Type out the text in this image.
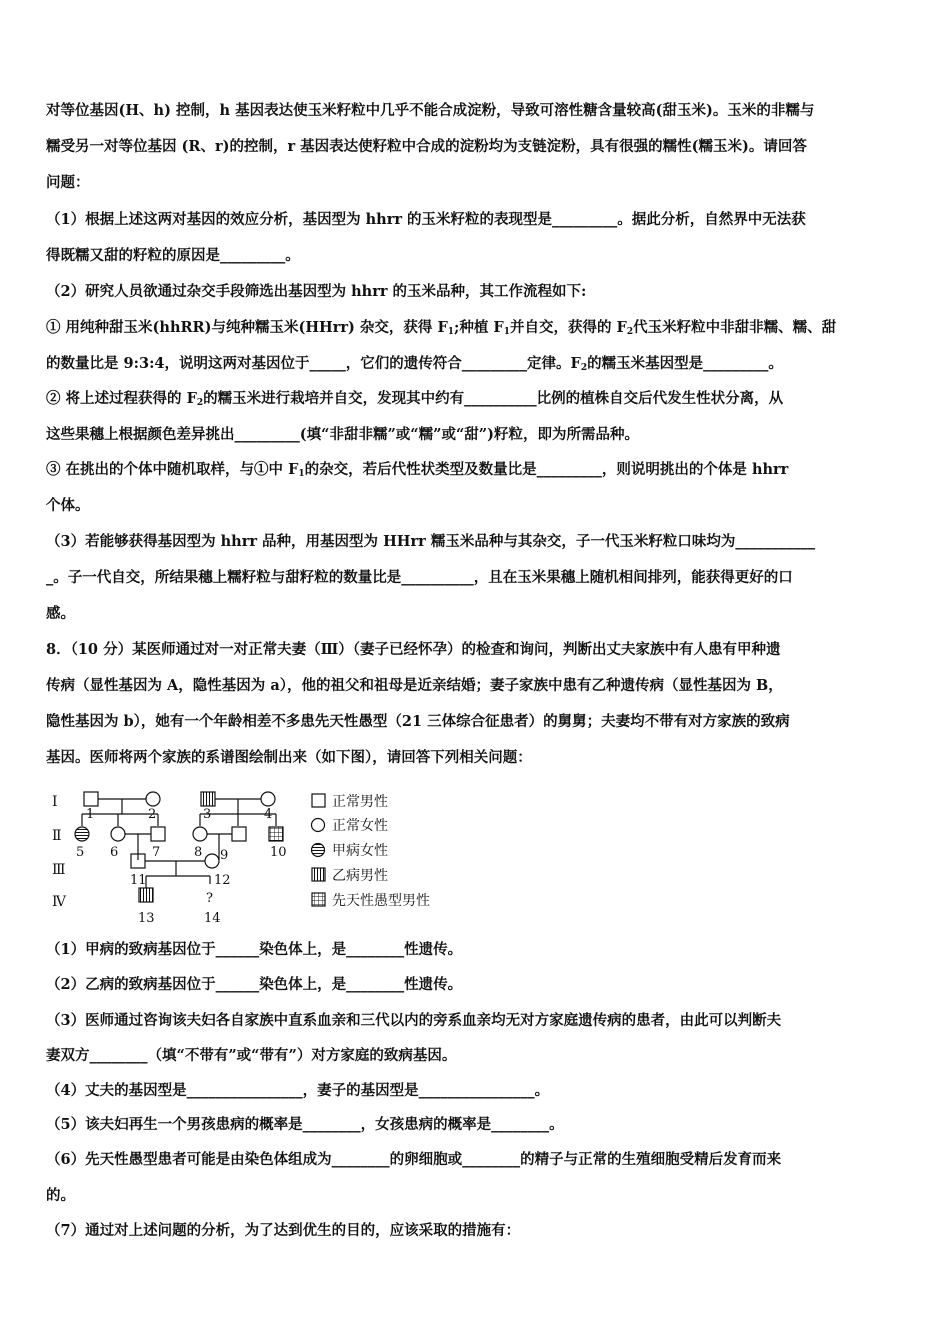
对等位基因(H、h) 控制，h 基因表达使玉米籽粒中几乎不能合成淀粉，导致可溶性糖含量较高(甜玉米)。玉米的非糯与
糯受另一对等位基因 (R、r)的控制，r 基因表达使籽粒中合成的淀粉均为支链淀粉，具有很强的糯性(糯玉米)。请回答
问题：
（1）根据上述这两对基因的效应分析，基因型为 hhrr 的玉米籽粒的表现型是_________。据此分析，自然界中无法获
得既糯又甜的籽粒的原因是_________。
（2）研究人员欲通过杂交手段筛选出基因型为 hhrr 的玉米品种，其工作流程如下:
① 用纯种甜玉米(hhRR)与纯种糯玉米(HHrr) 杂交，获得 $F_1$;种植 $F_1$并自交，获得的 $F_2$代玉米籽粒中非甜非糯、糯、甜
的数量比是 9:3:4，说明这两对基因位于_____，它们的遗传符合_________定律。$F_2$的糯玉米基因型是_________。
② 将上述过程获得的 $F_2$的糯玉米进行栽培并自交，发现其中约有__________比例的植株自交后代发生性状分离，从
这些果穗上根据颜色差异挑出_________(填“非甜非糯”或“糯”或“甜”)籽粒，即为所需品种。
③ 在挑出的个体中随机取样，与①中 $F_1$的杂交，若后代性状类型及数量比是_________，则说明挑出的个体是 hhrr
个体。
（3）若能够获得基因型为 hhrr 品种，用基因型为 HHrr 糯玉米品种与其杂交，子一代玉米籽粒口味均为___________
_。子一代自交，所结果穗上糯籽粒与甜籽粒的数量比是__________，且在玉米果穗上随机相间排列，能获得更好的口
感。
8．（10 分）某医师通过对一对正常夫妻（Ⅲ）（妻子已经怀孕）的检查和询问，判断出丈夫家族中有人患有甲种遗
传病（显性基因为 A，隐性基因为 a），他的祖父和祖母是近亲结婚；妻子家族中患有乙种遗传病（显性基因为 B，
隐性基因为 b），她有一个年龄相差不多患先天性愚型（21 三体综合征患者）的舅舅；夫妻均不带有对方家族的致病
基因。医师将两个家族的系谱图绘制出来（如下图），请回答下列相关问题：
Ⅰ
Ⅱ
Ⅲ
Ⅳ
1	2	3	4
5 6	7	8	10
9
11	12
?
13	14
正常男性
正常女性
甲病女性
乙病男性
先天性愚型男性
（1）甲病的致病基因位于______染色体上，是________性遗传。
（2）乙病的致病基因位于______染色体上，是________性遗传。
（3）医师通过咨询该夫妇各自家族中直系血亲和三代以内的旁系血亲均无对方家庭遗传病的患者，由此可以判断夫
妻双方________（填“不带有”或“带有”）对方家庭的致病基因。
（4）丈夫的基因型是________________，妻子的基因型是________________。
（5）该夫妇再生一个男孩患病的概率是________，女孩患病的概率是________。
（6）先天性愚型患者可能是由染色体组成为________的卵细胞或________的精子与正常的生殖细胞受精后发育而来
的。
（7）通过对上述问题的分析，为了达到优生的目的，应该采取的措施有：
